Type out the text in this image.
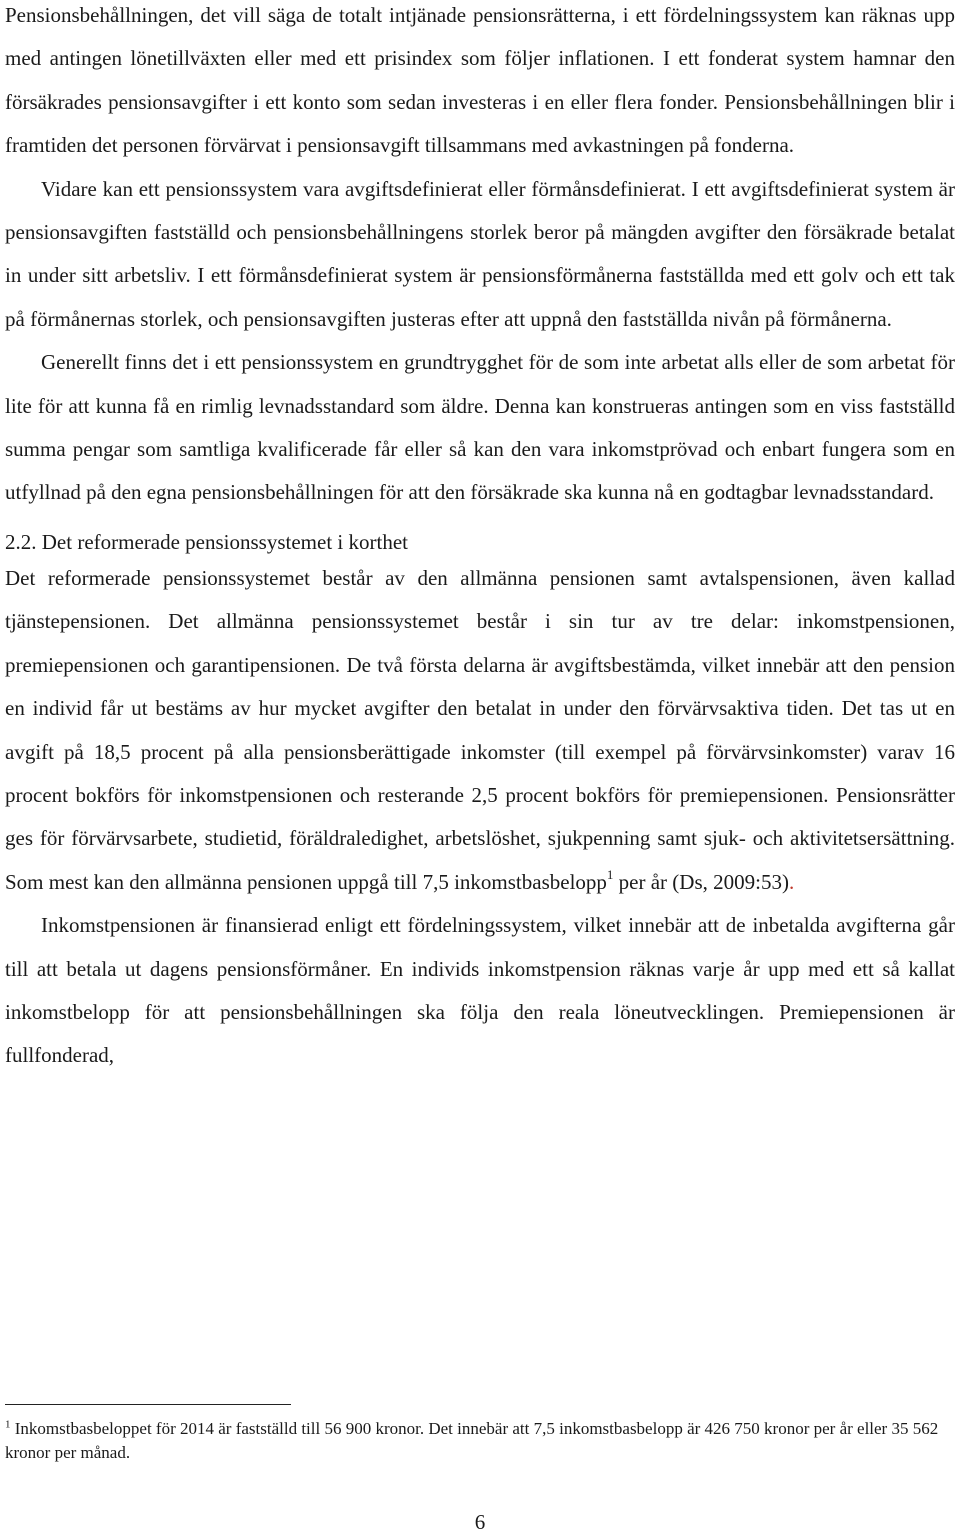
Pensionsbehållningen, det vill säga de totalt intjänade pensionsrätterna, i ett fördelningssystem kan räknas upp med antingen lönetillväxten eller med ett prisindex som följer inflationen. I ett fonderat system hamnar den försäkrades pensionsavgifter i ett konto som sedan investeras i en eller flera fonder. Pensionsbehållningen blir i framtiden det personen förvärvat i pensionsavgift tillsammans med avkastningen på fonderna.

Vidare kan ett pensionssystem vara avgiftsdefinierat eller förmånsdefinierat. I ett avgiftsdefinierat system är pensionsavgiften fastställd och pensionsbehållningens storlek beror på mängden avgifter den försäkrade betalat in under sitt arbetsliv. I ett förmånsdefinierat system är pensionsförmånerna fastställda med ett golv och ett tak på förmånernas storlek, och pensionsavgiften justeras efter att uppnå den fastställda nivån på förmånerna.

Generellt finns det i ett pensionssystem en grundtrygghet för de som inte arbetat alls eller de som arbetat för lite för att kunna få en rimlig levnadsstandard som äldre. Denna kan konstrueras antingen som en viss fastställd summa pengar som samtliga kvalificerade får eller så kan den vara inkomstprövad och enbart fungera som en utfyllnad på den egna pensionsbehållningen för att den försäkrade ska kunna nå en godtagbar levnadsstandard.

2.2. Det reformerade pensionssystemet i korthet

Det reformerade pensionssystemet består av den allmänna pensionen samt avtalspensionen, även kallad tjänstepensionen. Det allmänna pensionssystemet består i sin tur av tre delar: inkomstpensionen, premiepensionen och garantipensionen. De två första delarna är avgiftsbestämda, vilket innebär att den pension en individ får ut bestäms av hur mycket avgifter den betalat in under den förvärvsaktiva tiden. Det tas ut en avgift på 18,5 procent på alla pensionsberättigade inkomster (till exempel på förvärvsinkomster) varav 16 procent bokförs för inkomstpensionen och resterande 2,5 procent bokförs för premiepensionen. Pensionsrätter ges för förvärvsarbete, studietid, föräldraledighet, arbetslöshet, sjukpenning samt sjuk- och aktivitetsersättning. Som mest kan den allmänna pensionen uppgå till 7,5 inkomstbasbelopp$^1$ per år (Ds, 2009:53).

Inkomstpensionen är finansierad enligt ett fördelningssystem, vilket innebär att de inbetalda avgifterna går till att betala ut dagens pensionsförmåner. En individs inkomstpension räknas varje år upp med ett så kallat inkomstbelopp för att pensionsbehållningen ska följa den reala löneutvecklingen. Premiepensionen är fullfonderad,

$^1$ Inkomstbasbeloppet för 2014 är fastställd till 56 900 kronor. Det innebär att 7,5 inkomstbasbelopp är 426 750 kronor per år eller 35 562 kronor per månad.

6
